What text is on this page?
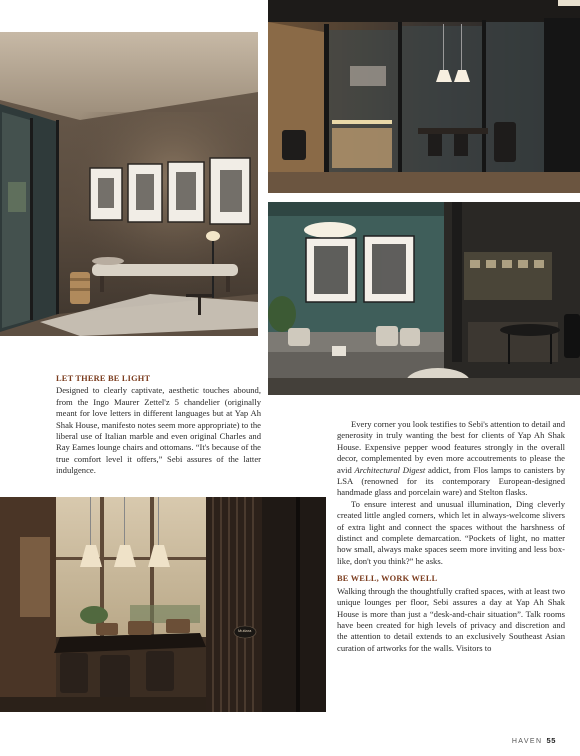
Mutiara
LET THERE BE LIGHT

Designed to clearly captivate, aesthetic touches abound, from the Ingo Maurer Zettel'z 5 chandelier (originally meant for love letters in different languages but at Yap Ah Shak House, manifesto notes seem more appropriate) to the liberal use of Italian marble and even original Charles and Ray Eames lounge chairs and ottomans. “It's because of the true comfort level it offers,” Sebi assures of the latter indulgence.

Every corner you look testifies to Sebi's attention to detail and generosity in truly wanting the best for clients of Yap Ah Shak House. Expensive pepper wood features strongly in the overall decor, complemented by even more accoutrements to please the avid Architectural Digest addict, from Flos lamps to canisters by LSA (renowned for its contemporary European-designed handmade glass and porcelain ware) and Stelton flasks.

To ensure interest and unusual illumination, Ding cleverly created little angled corners, which let in always-welcome slivers of extra light and connect the spaces without the harshness of distinct and complete demarcation. “Pockets of light, no matter how small, always make spaces seem more inviting and less box-like, don't you think?” he asks.

BE WELL, WORK WELL

Walking through the thoughtfully crafted spaces, with at least two unique lounges per floor, Sebi assures a day at Yap Ah Shak House is more than just a “desk-and-chair situation”. Talk rooms have been created for high levels of privacy and discretion and the attention to detail extends to an exclusively Southeast Asian curation of artworks for the walls. Visitors to

HAVEN 55
